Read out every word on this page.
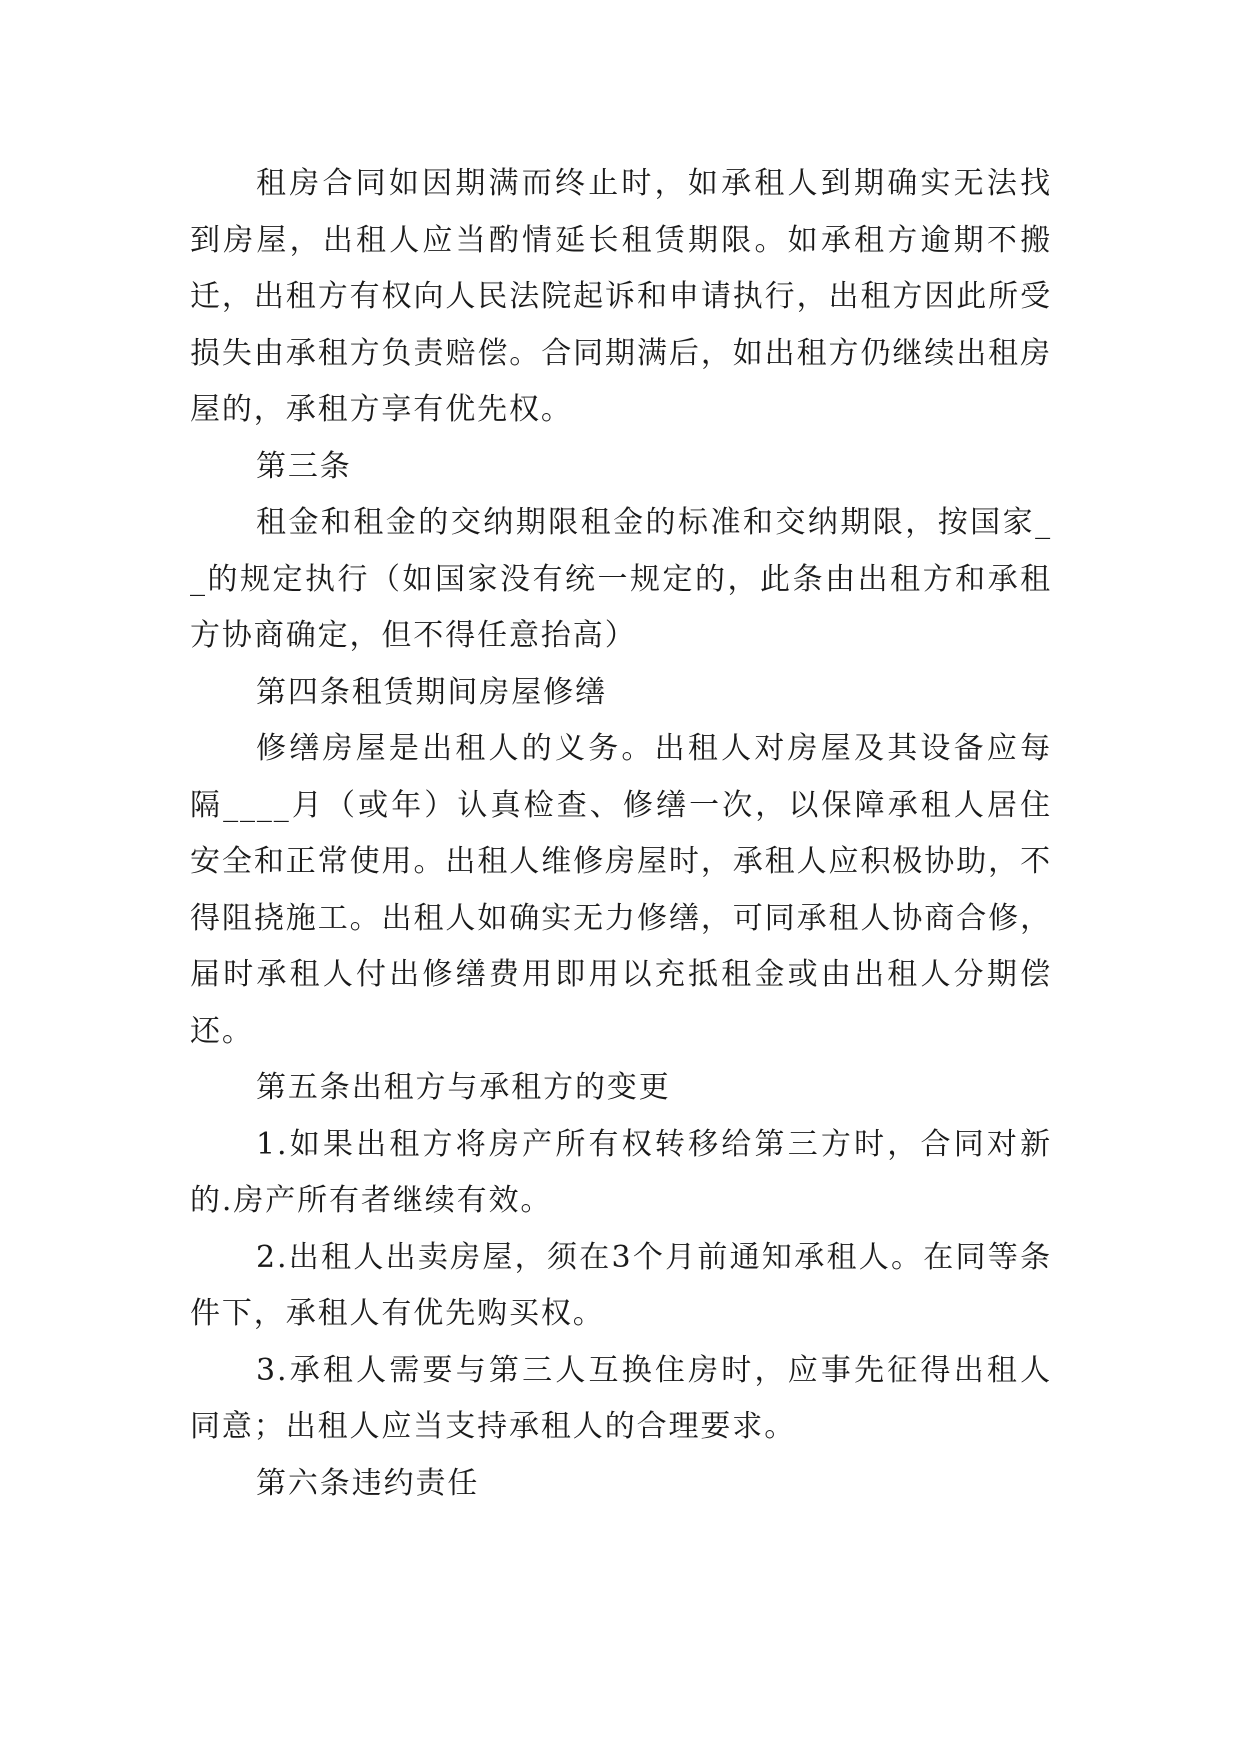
租房合同如因期满而终止时，如承租人到期确实无法找到房屋，出租人应当酌情延长租赁期限。如承租方逾期不搬迁，出租方有权向人民法院起诉和申请执行，出租方因此所受损失由承租方负责赔偿。合同期满后，如出租方仍继续出租房屋的，承租方享有优先权。

第三条

租金和租金的交纳期限租金的标准和交纳期限，按国家__的规定执行（如国家没有统一规定的，此条由出租方和承租方协商确定，但不得任意抬高）

第四条租赁期间房屋修缮

修缮房屋是出租人的义务。出租人对房屋及其设备应每隔____月（或年）认真检查、修缮一次，以保障承租人居住安全和正常使用。出租人维修房屋时，承租人应积极协助，不得阻挠施工。出租人如确实无力修缮，可同承租人协商合修，届时承租人付出修缮费用即用以充抵租金或由出租人分期偿还。

第五条出租方与承租方的变更

1.如果出租方将房产所有权转移给第三方时，合同对新的.房产所有者继续有效。

2.出租人出卖房屋，须在3个月前通知承租人。在同等条件下，承租人有优先购买权。

3.承租人需要与第三人互换住房时，应事先征得出租人同意；出租人应当支持承租人的合理要求。

第六条违约责任
